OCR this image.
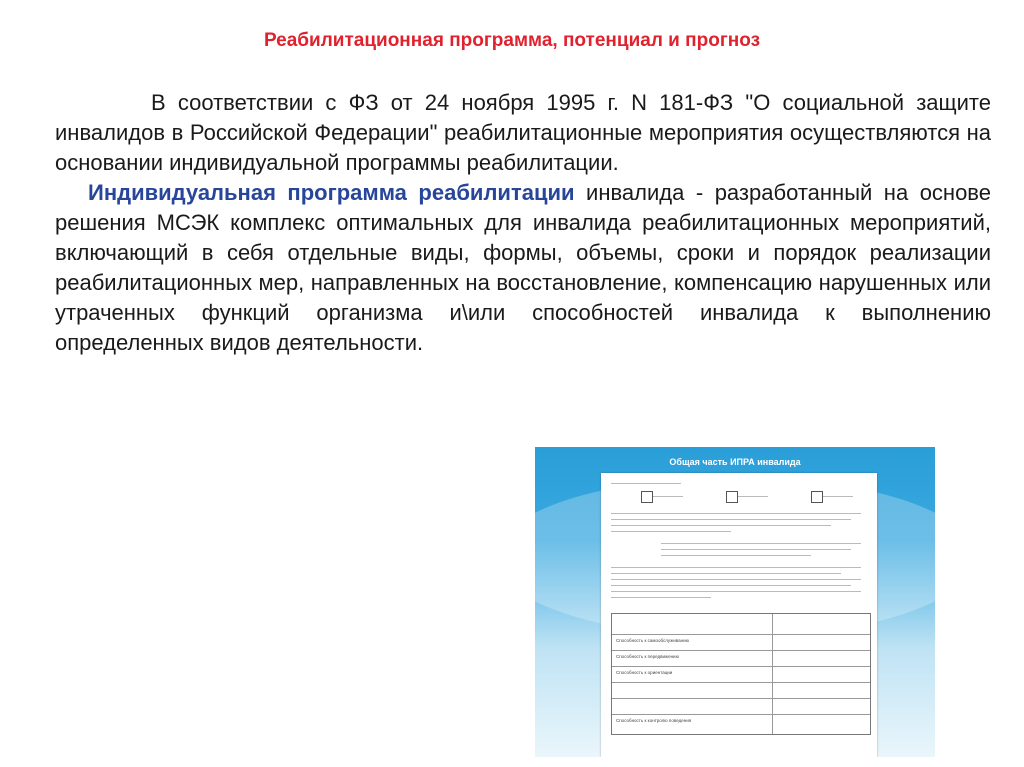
Реабилитационная программа, потенциал и прогноз

В соответствии с ФЗ от 24 ноября 1995 г. N 181-ФЗ "О социальной защите инвалидов в Российской Федерации" реабилитационные мероприятия осуществляются на основании индивидуальной программы реабилитации.

Индивидуальная программа реабилитации инвалида - разработанный на основе решения МСЭК комплекс оптимальных для инвалида реабилитационных мероприятий, включающий в себя отдельные виды, формы, объемы, сроки и порядок реализации реабилитационных мер, направленных на восстановление, компенсацию нарушенных или утраченных функций организма и\или способностей инвалида к выполнению определенных видов деятельности.

Общая часть ИПРА инвалида
Способность к самообслуживанию
Способность к передвижению
Способность к ориентации
Способность к контролю поведения
